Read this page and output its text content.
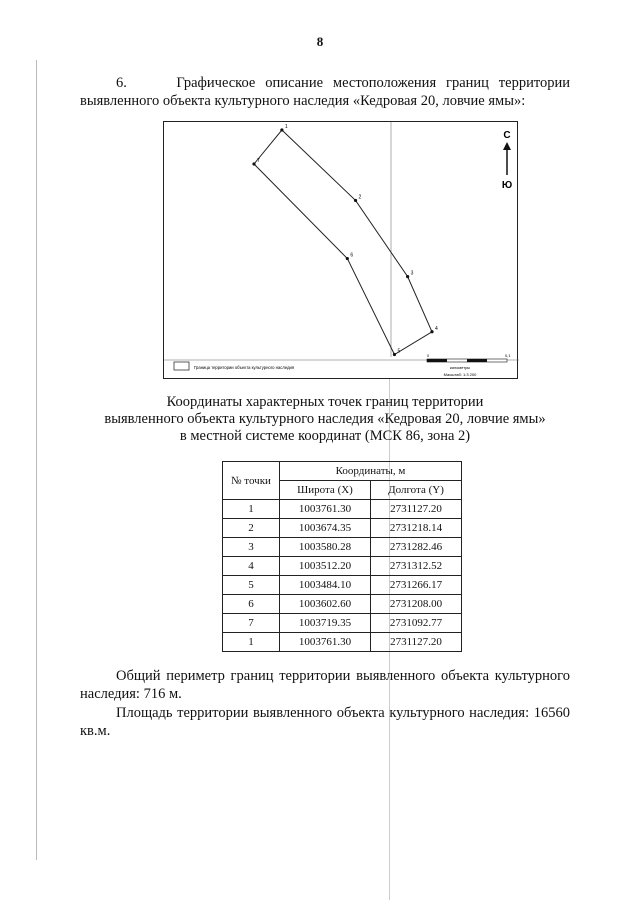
8
6.	Графическое описание местоположения границ территории выявленного объекта культурного наследия «Кедровая 20, ловчие ямы»:
1
2
3
4
5
6
7
С
Ю
Граница территории объекта культурного наследия
0	0,1
километры
Масштаб: 1:3 200
Координаты характерных точек границ территории
выявленного объекта культурного наследия «Кедровая 20, ловчие ямы»
в местной системе координат (МСК 86, зона 2)
№ точки	Координаты, м	
	Широта (X)	Долгота (Y)
1	1003761.30	2731127.20
2	1003674.35	2731218.14
3	1003580.28	2731282.46
4	1003512.20	2731312.52
5	1003484.10	2731266.17
6	1003602.60	2731208.00
7	1003719.35	2731092.77
1	1003761.30	2731127.20
Общий периметр границ территории выявленного объекта культурного наследия: 716 м.
Площадь территории выявленного объекта культурного наследия: 16560 кв.м.
